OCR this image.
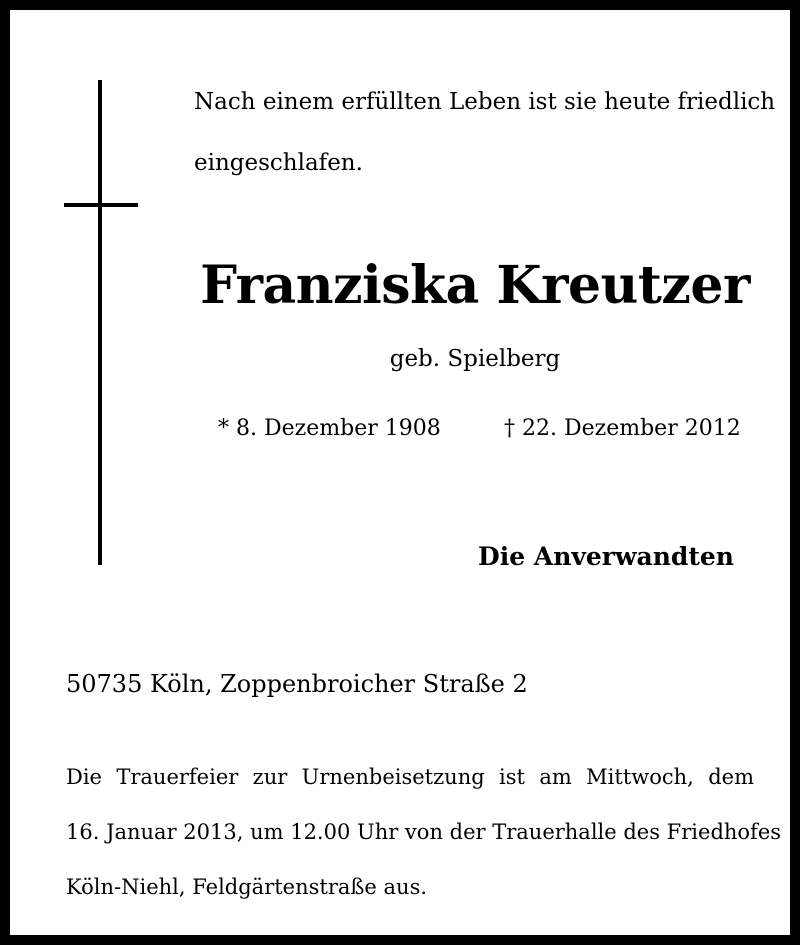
Nach einem erfüllten Leben ist sie heute friedlich
eingeschlafen.
Franziska Kreutzer
geb. Spielberg
* 8. Dezember 1908	† 22. Dezember 2012
Die Anverwandten
50735 Köln, Zoppenbroicher Straße 2
Die Trauerfeier zur Urnenbeisetzung ist am Mittwoch, dem
16. Januar 2013, um 12.00 Uhr von der Trauerhalle des Friedhofes
Köln-Niehl, Feldgärtenstraße aus.
